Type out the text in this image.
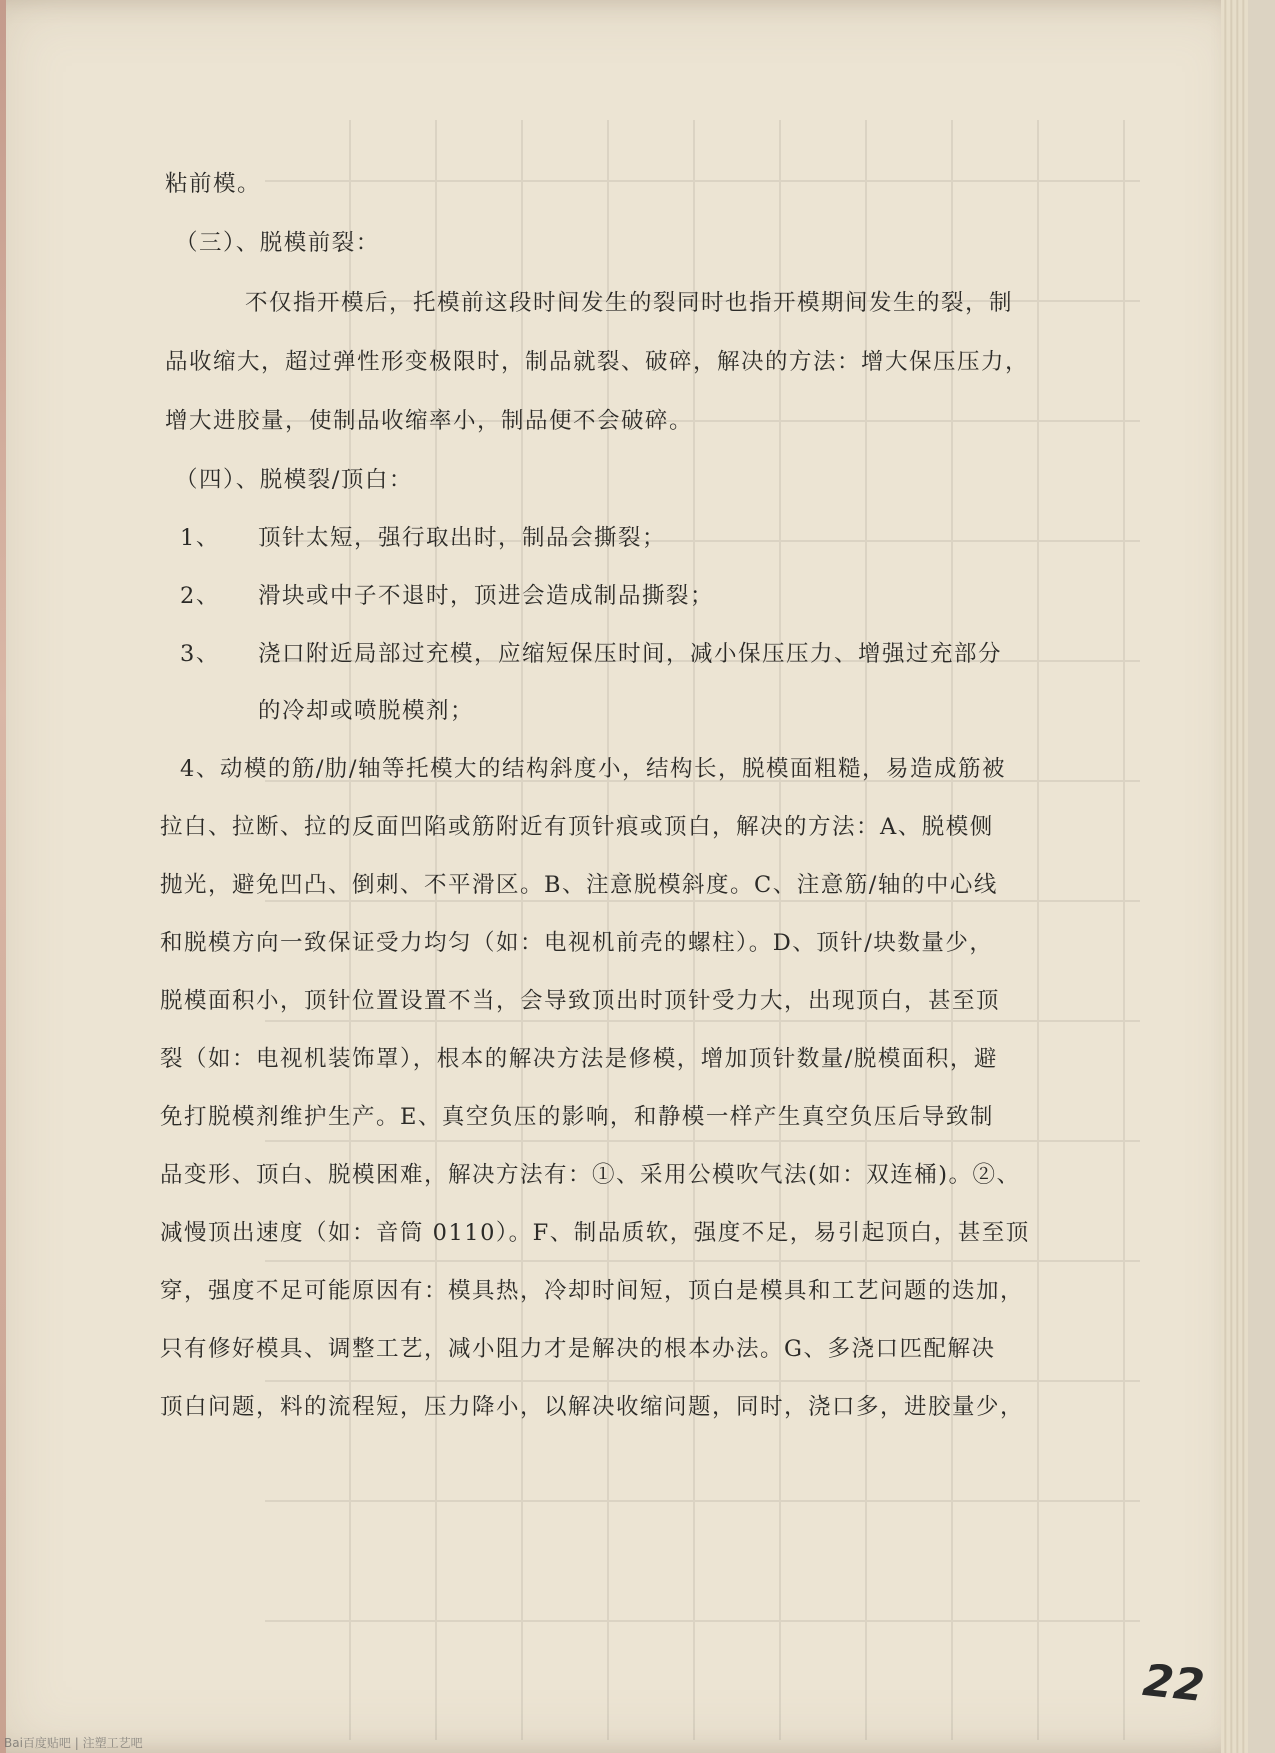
粘前模。

（三）、脱模前裂：

不仅指开模后，托模前这段时间发生的裂同时也指开模期间发生的裂，制

品收缩大，超过弹性形变极限时，制品就裂、破碎，解决的方法：增大保压压力，

增大进胶量，使制品收缩率小，制品便不会破碎。

（四）、脱模裂/顶白：

1、 顶针太短，强行取出时，制品会撕裂；

2、 滑块或中子不退时，顶进会造成制品撕裂；

3、 浇口附近局部过充模，应缩短保压时间，减小保压压力、增强过充部分

的冷却或喷脱模剂；

4、动模的筋/肋/轴等托模大的结构斜度小，结构长，脱模面粗糙，易造成筋被

拉白、拉断、拉的反面凹陷或筋附近有顶针痕或顶白，解决的方法：A、脱模侧

抛光，避免凹凸、倒刺、不平滑区。B、注意脱模斜度。C、注意筋/轴的中心线

和脱模方向一致保证受力均匀（如：电视机前壳的螺柱）。D、顶针/块数量少，

脱模面积小，顶针位置设置不当，会导致顶出时顶针受力大，出现顶白，甚至顶

裂（如：电视机装饰罩），根本的解决方法是修模，增加顶针数量/脱模面积，避

免打脱模剂维护生产。E、真空负压的影响，和静模一样产生真空负压后导致制

品变形、顶白、脱模困难，解决方法有：①、采用公模吹气法(如：双连桶)。②、

减慢顶出速度（如：音筒 0110）。F、制品质软，强度不足，易引起顶白，甚至顶

穿，强度不足可能原因有：模具热，冷却时间短，顶白是模具和工艺问题的迭加，

只有修好模具、调整工艺，减小阻力才是解决的根本办法。G、多浇口匹配解决

顶白问题，料的流程短，压力降小，以解决收缩问题，同时，浇口多，进胶量少，

22

Bai百度贴吧 | 注塑工艺吧
